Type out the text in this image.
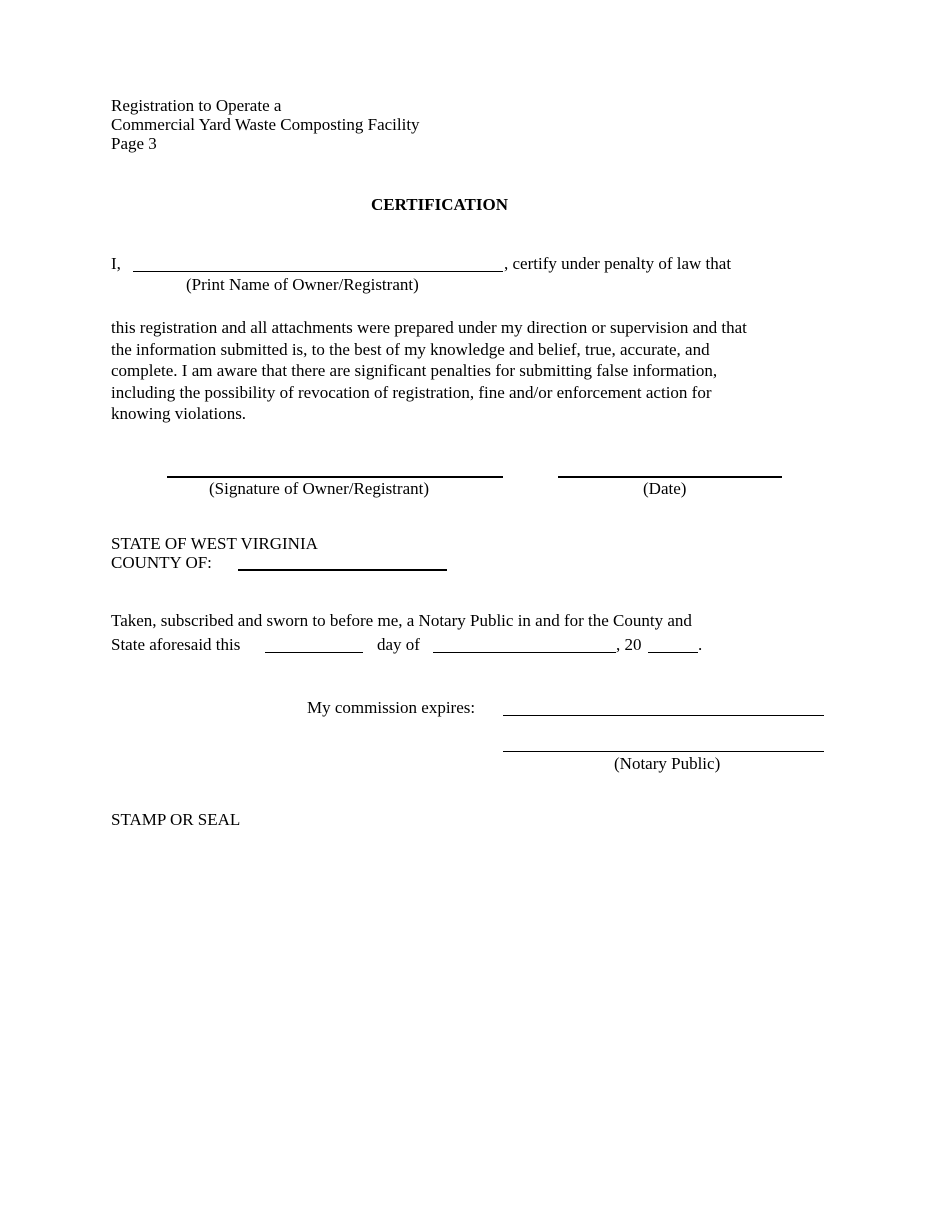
Registration to Operate a
Commercial Yard Waste Composting Facility
Page 3
CERTIFICATION
I,	, certify under penalty of law that
(Print Name of Owner/Registrant)
this registration and all attachments were prepared under my direction or supervision and that the information submitted is, to the best of my knowledge and belief, true, accurate, and complete. I am aware that there are significant penalties for submitting false information, including the possibility of revocation of registration, fine and/or enforcement action for knowing violations.
(Signature of Owner/Registrant)	(Date)
STATE OF WEST VIRGINIA
COUNTY OF:
Taken, subscribed and sworn to before me, a Notary Public in and for the County and
State aforesaid this	day of	, 20	.
My commission expires:
(Notary Public)
STAMP OR SEAL
